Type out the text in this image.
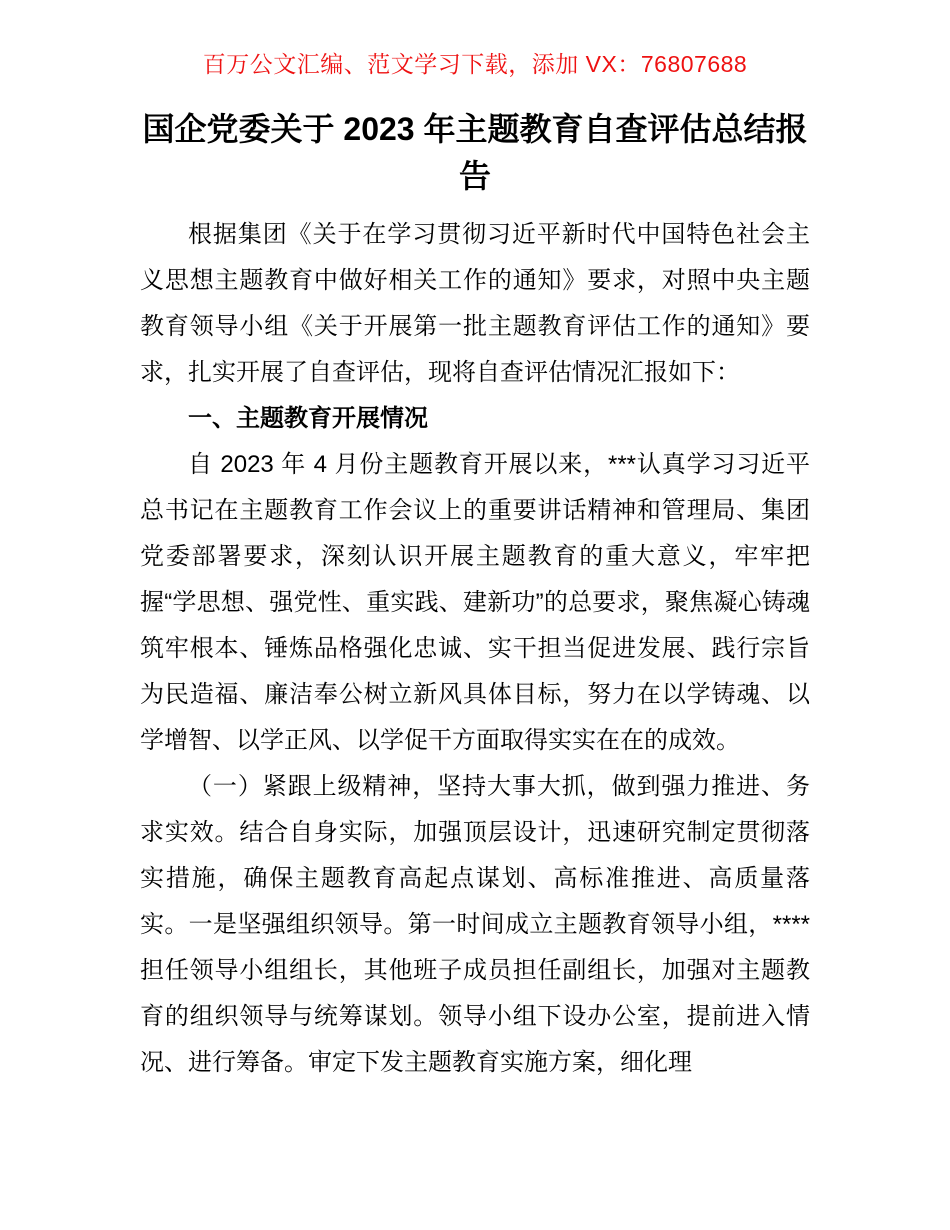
百万公文汇编、范文学习下载，添加 VX：76807688
国企党委关于 2023 年主题教育自查评估总结报告

根据集团《关于在学习贯彻习近平新时代中国特色社会主义思想主题教育中做好相关工作的通知》要求，对照中央主题教育领导小组《关于开展第一批主题教育评估工作的通知》要求，扎实开展了自查评估，现将自查评估情况汇报如下：

一、主题教育开展情况

自 2023 年 4 月份主题教育开展以来，***认真学习习近平总书记在主题教育工作会议上的重要讲话精神和管理局、集团党委部署要求，深刻认识开展主题教育的重大意义，牢牢把握“学思想、强党性、重实践、建新功”的总要求，聚焦凝心铸魂筑牢根本、锤炼品格强化忠诚、实干担当促进发展、践行宗旨为民造福、廉洁奉公树立新风具体目标，努力在以学铸魂、以学增智、以学正风、以学促干方面取得实实在在的成效。

（一）紧跟上级精神，坚持大事大抓，做到强力推进、务求实效。结合自身实际，加强顶层设计，迅速研究制定贯彻落实措施，确保主题教育高起点谋划、高标准推进、高质量落实。一是坚强组织领导。第一时间成立主题教育领导小组，****担任领导小组组长，其他班子成员担任副组长，加强对主题教育的组织领导与统筹谋划。领导小组下设办公室，提前进入情况、进行筹备。审定下发主题教育实施方案，细化理
